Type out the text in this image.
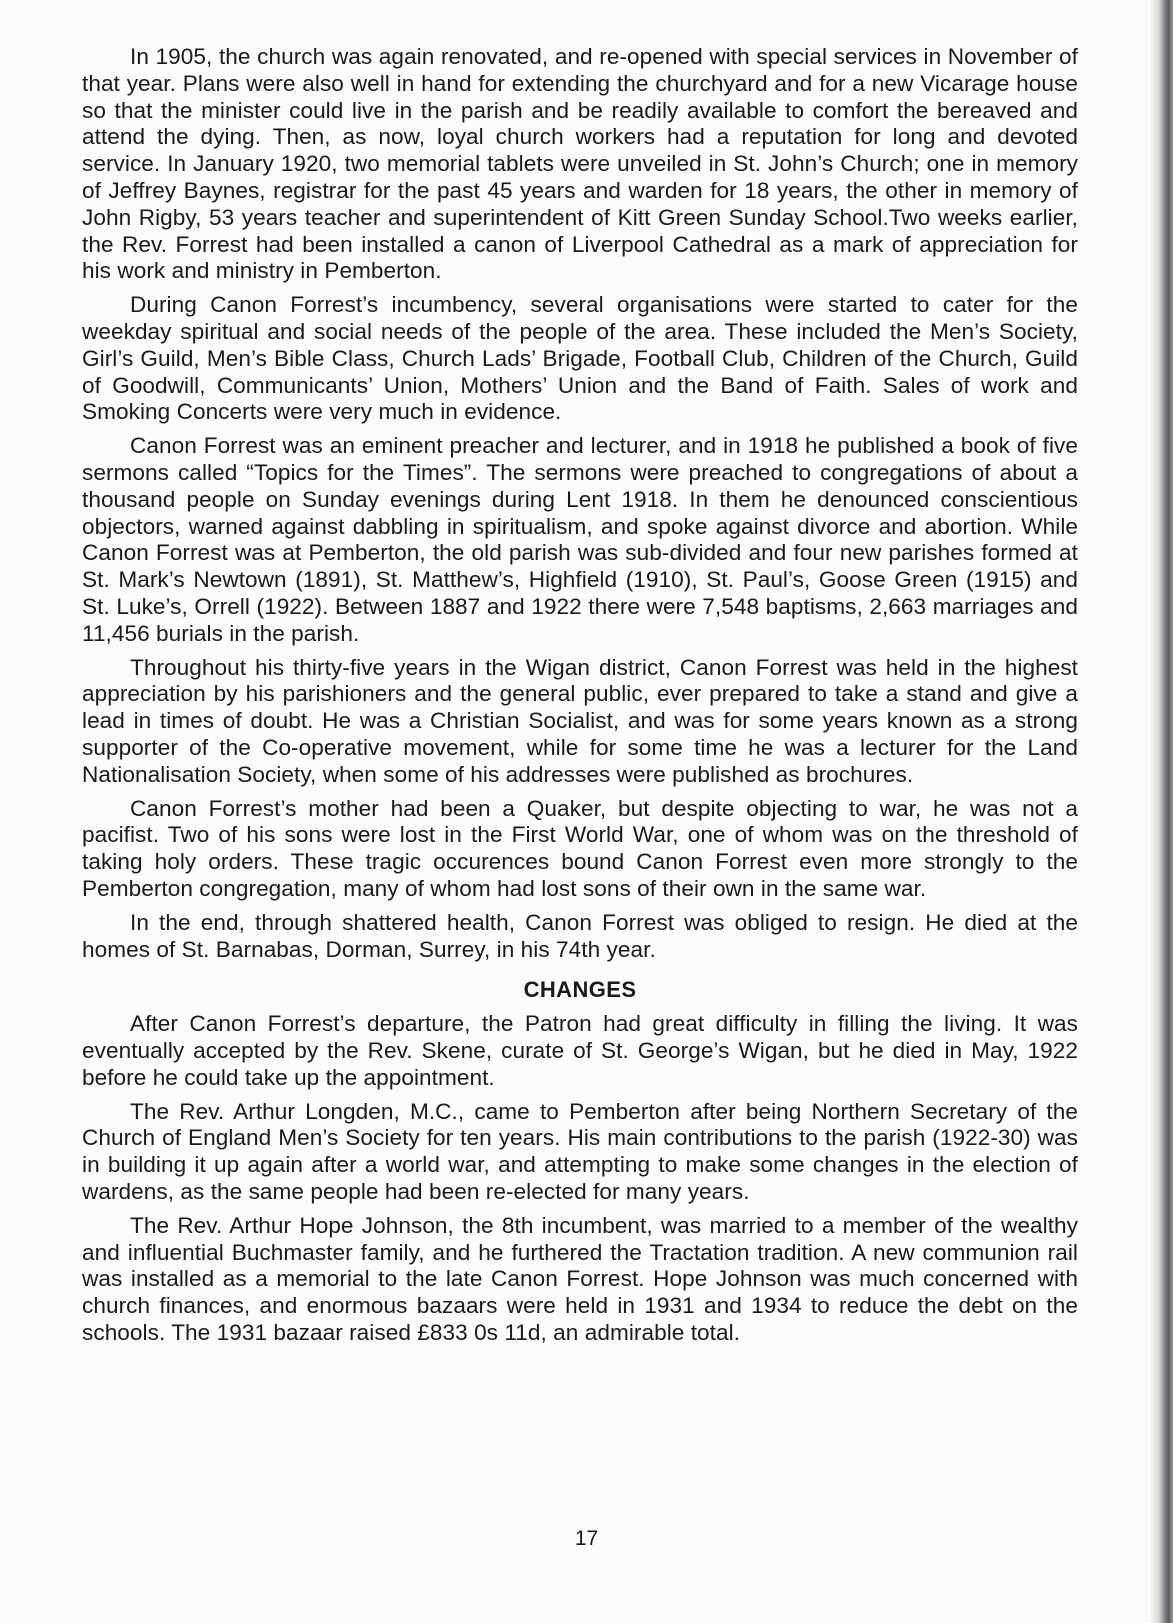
In 1905, the church was again renovated, and re-opened with special services in November of that year. Plans were also well in hand for extending the churchyard and for a new Vicarage house so that the minister could live in the parish and be readily available to comfort the bereaved and attend the dying. Then, as now, loyal church workers had a reputation for long and devoted service. In January 1920, two memorial tablets were unveiled in St. John’s Church; one in memory of Jeffrey Baynes, registrar for the past 45 years and warden for 18 years, the other in memory of John Rigby, 53 years teacher and superintendent of Kitt Green Sunday School.Two weeks earlier, the Rev. Forrest had been installed a canon of Liverpool Cathedral as a mark of appreciation for his work and ministry in Pemberton.

During Canon Forrest’s incumbency, several organisations were started to cater for the weekday spiritual and social needs of the people of the area. These included the Men’s Society, Girl’s Guild, Men’s Bible Class, Church Lads’ Brigade, Football Club, Children of the Church, Guild of Goodwill, Communicants’ Union, Mothers’ Union and the Band of Faith. Sales of work and Smoking Concerts were very much in evidence.

Canon Forrest was an eminent preacher and lecturer, and in 1918 he published a book of five sermons called “Topics for the Times”. The sermons were preached to congregations of about a thousand people on Sunday evenings during Lent 1918. In them he denounced conscientious objectors, warned against dabbling in spiritualism, and spoke against divorce and abortion. While Canon Forrest was at Pemberton, the old parish was sub-divided and four new parishes formed at St. Mark’s Newtown (1891), St. Matthew’s, Highfield (1910), St. Paul’s, Goose Green (1915) and St. Luke’s, Orrell (1922). Between 1887 and 1922 there were 7,548 baptisms, 2,663 marriages and 11,456 burials in the parish.

Throughout his thirty-five years in the Wigan district, Canon Forrest was held in the highest appreciation by his parishioners and the general public, ever prepared to take a stand and give a lead in times of doubt. He was a Christian Socialist, and was for some years known as a strong supporter of the Co-operative movement, while for some time he was a lecturer for the Land Nationalisation Society, when some of his addresses were published as brochures.

Canon Forrest’s mother had been a Quaker, but despite objecting to war, he was not a pacifist. Two of his sons were lost in the First World War, one of whom was on the threshold of taking holy orders. These tragic occurences bound Canon Forrest even more strongly to the Pemberton congregation, many of whom had lost sons of their own in the same war.

In the end, through shattered health, Canon Forrest was obliged to resign. He died at the homes of St. Barnabas, Dorman, Surrey, in his 74th year.

CHANGES

After Canon Forrest’s departure, the Patron had great difficulty in filling the living. It was eventually accepted by the Rev. Skene, curate of St. George’s Wigan, but he died in May, 1922 before he could take up the appointment.

The Rev. Arthur Longden, M.C., came to Pemberton after being Northern Secretary of the Church of England Men’s Society for ten years. His main contributions to the parish (1922-30) was in building it up again after a world war, and attempting to make some changes in the election of wardens, as the same people had been re-elected for many years.

The Rev. Arthur Hope Johnson, the 8th incumbent, was married to a member of the wealthy and influential Buchmaster family, and he furthered the Tractation tradition. A new communion rail was installed as a memorial to the late Canon Forrest. Hope Johnson was much concerned with church finances, and enormous bazaars were held in 1931 and 1934 to reduce the debt on the schools. The 1931 bazaar raised £833 0s 11d, an admirable total.

17
